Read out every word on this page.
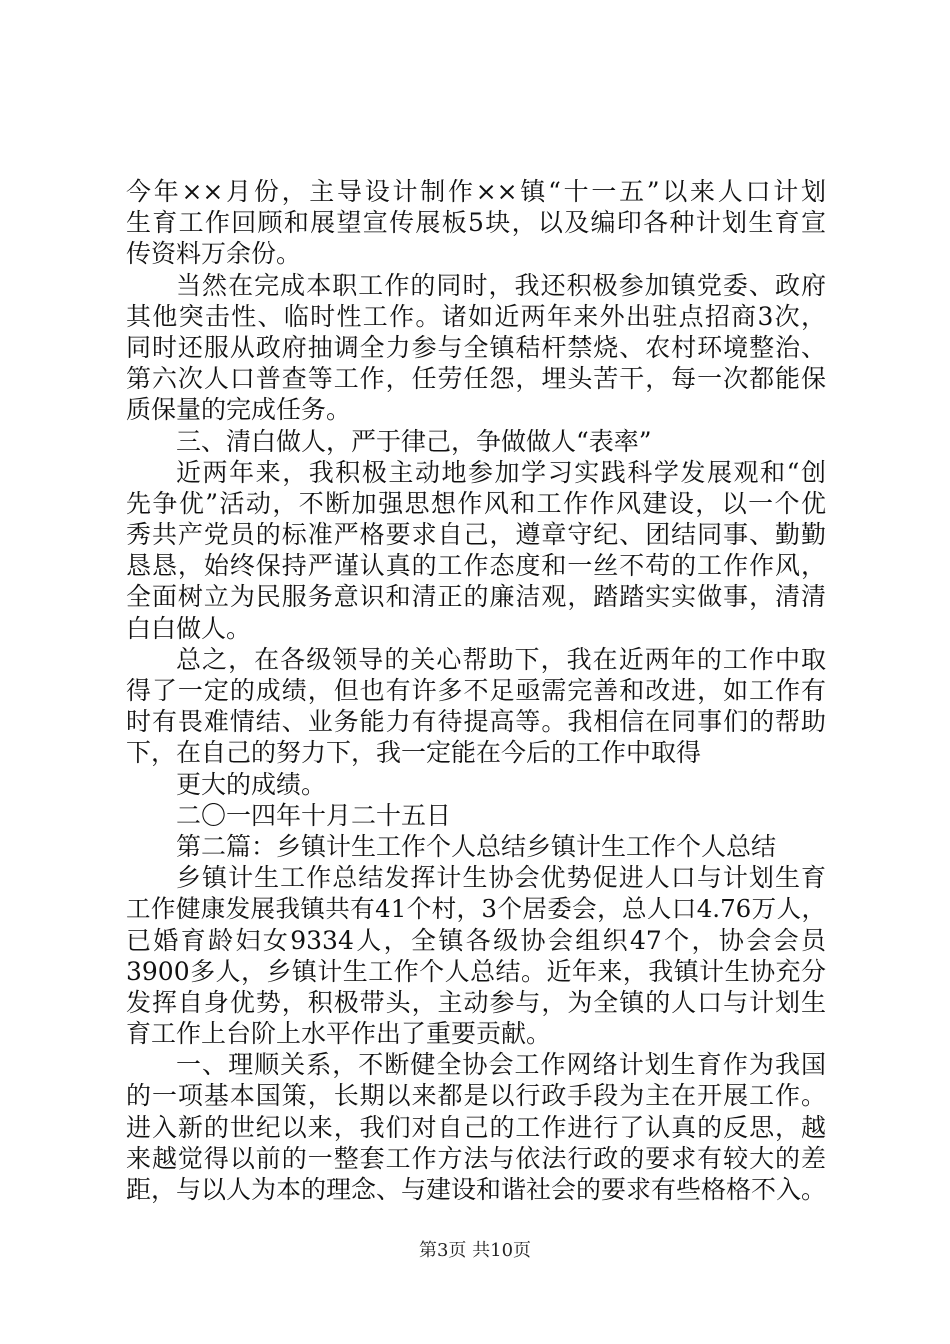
今年××月份，主导设计制作××镇“十一五”以来人口计划
生育工作回顾和展望宣传展板5块，以及编印各种计划生育宣
传资料万余份。
当然在完成本职工作的同时，我还积极参加镇党委、政府
其他突击性、临时性工作。诸如近两年来外出驻点招商3次，
同时还服从政府抽调全力参与全镇秸杆禁烧、农村环境整治、
第六次人口普查等工作，任劳任怨，埋头苦干，每一次都能保
质保量的完成任务。
三、清白做人，严于律己，争做做人“表率”
近两年来，我积极主动地参加学习实践科学发展观和“创
先争优”活动，不断加强思想作风和工作作风建设，以一个优
秀共产党员的标准严格要求自己，遵章守纪、团结同事、勤勤
恳恳，始终保持严谨认真的工作态度和一丝不苟的工作作风，
全面树立为民服务意识和清正的廉洁观，踏踏实实做事，清清
白白做人。
总之，在各级领导的关心帮助下，我在近两年的工作中取
得了一定的成绩，但也有许多不足亟需完善和改进，如工作有
时有畏难情结、业务能力有待提高等。我相信在同事们的帮助
下，在自己的努力下，我一定能在今后的工作中取得
更大的成绩。
二〇一四年十月二十五日
第二篇：乡镇计生工作个人总结乡镇计生工作个人总结
乡镇计生工作总结发挥计生协会优势促进人口与计划生育
工作健康发展我镇共有41个村，3个居委会，总人口4.76万人，
已婚育龄妇女9334人，全镇各级协会组织47个，协会会员
3900多人，乡镇计生工作个人总结。近年来，我镇计生协充分
发挥自身优势，积极带头，主动参与，为全镇的人口与计划生
育工作上台阶上水平作出了重要贡献。
一、理顺关系，不断健全协会工作网络计划生育作为我国
的一项基本国策，长期以来都是以行政手段为主在开展工作。
进入新的世纪以来，我们对自己的工作进行了认真的反思，越
来越觉得以前的一整套工作方法与依法行政的要求有较大的差
距，与以人为本的理念、与建设和谐社会的要求有些格格不入。
第3页 共10页
